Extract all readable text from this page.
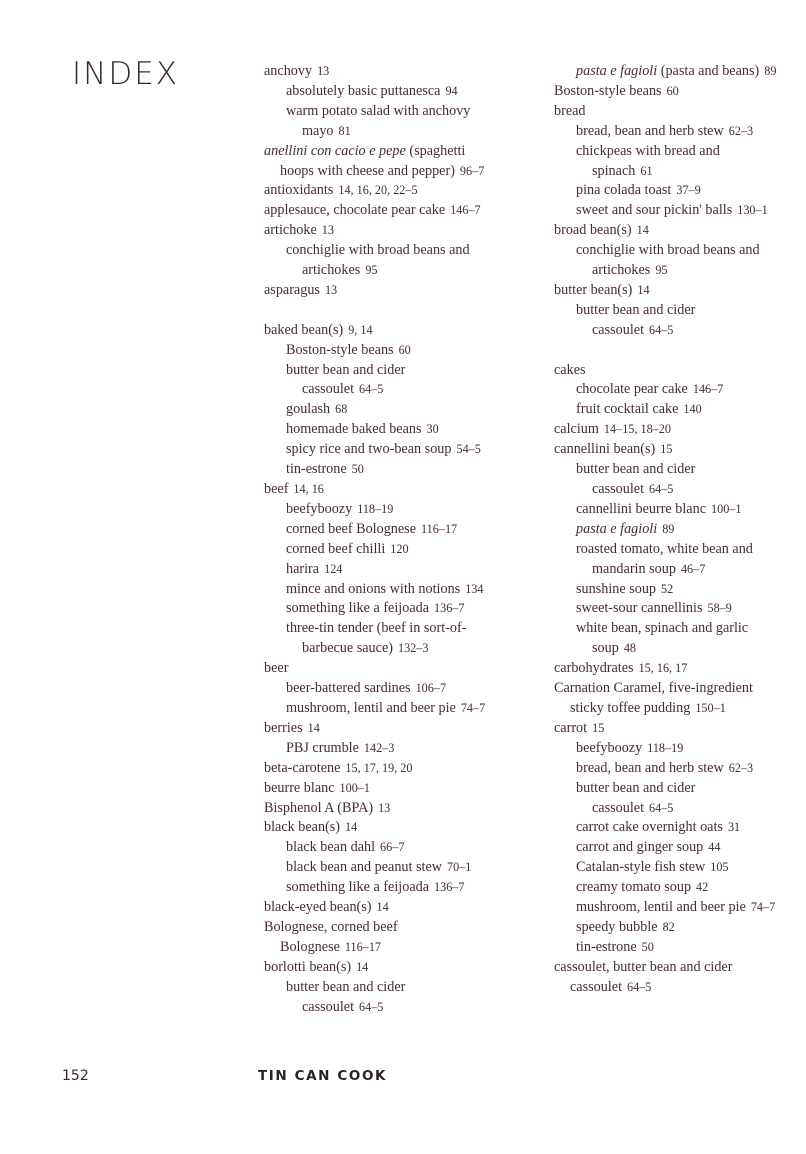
INDEX	anchovy 13
absolutely basic puttanesca 94
warm potato salad with anchovy
mayo 81
anellini con cacio e pepe (spaghetti
hoops with cheese and pepper) 96–7
antioxidants 14, 16, 20, 22–5
applesauce, chocolate pear cake 146–7
artichoke 13
conchiglie with broad beans and
artichokes 95
asparagus 13
baked bean(s) 9, 14
Boston-style beans 60
butter bean and cider
cassoulet 64–5
goulash 68
homemade baked beans 30
spicy rice and two-bean soup 54–5
tin-estrone 50
beef 14, 16
beefyboozy 118–19
corned beef Bolognese 116–17
corned beef chilli 120
harira 124
mince and onions with notions 134
something like a feijoada 136–7
three-tin tender (beef in sort-of-
barbecue sauce) 132–3
beer
beer-battered sardines 106–7
mushroom, lentil and beer pie 74–7
berries 14
PBJ crumble 142–3
beta-carotene 15, 17, 19, 20
beurre blanc 100–1
Bisphenol A (BPA) 13
black bean(s) 14
black bean dahl 66–7
black bean and peanut stew 70–1
something like a feijoada 136–7
black-eyed bean(s) 14
Bolognese, corned beef
Bolognese 116–17
borlotti bean(s) 14
butter bean and cider
cassoulet 64–5
pasta e fagioli (pasta and beans) 89
Boston-style beans 60
bread
bread, bean and herb stew 62–3
chickpeas with bread and
spinach 61
pina colada toast 37–9
sweet and sour pickin' balls 130–1
broad bean(s) 14
conchiglie with broad beans and
artichokes 95
butter bean(s) 14
butter bean and cider
cassoulet 64–5
cakes
chocolate pear cake 146–7
fruit cocktail cake 140
calcium 14–15, 18–20
cannellini bean(s) 15
butter bean and cider
cassoulet 64–5
cannellini beurre blanc 100–1
pasta e fagioli 89
roasted tomato, white bean and
mandarin soup 46–7
sunshine soup 52
sweet-sour cannellinis 58–9
white bean, spinach and garlic
soup 48
carbohydrates 15, 16, 17
Carnation Caramel, five-ingredient
sticky toffee pudding 150–1
carrot 15
beefyboozy 118–19
bread, bean and herb stew 62–3
butter bean and cider
cassoulet 64–5
carrot cake overnight oats 31
carrot and ginger soup 44
Catalan-style fish stew 105
creamy tomato soup 42
mushroom, lentil and beer pie 74–7
speedy bubble 82
tin-estrone 50
cassoulet, butter bean and cider
cassoulet 64–5
152	TIN CAN COOK
